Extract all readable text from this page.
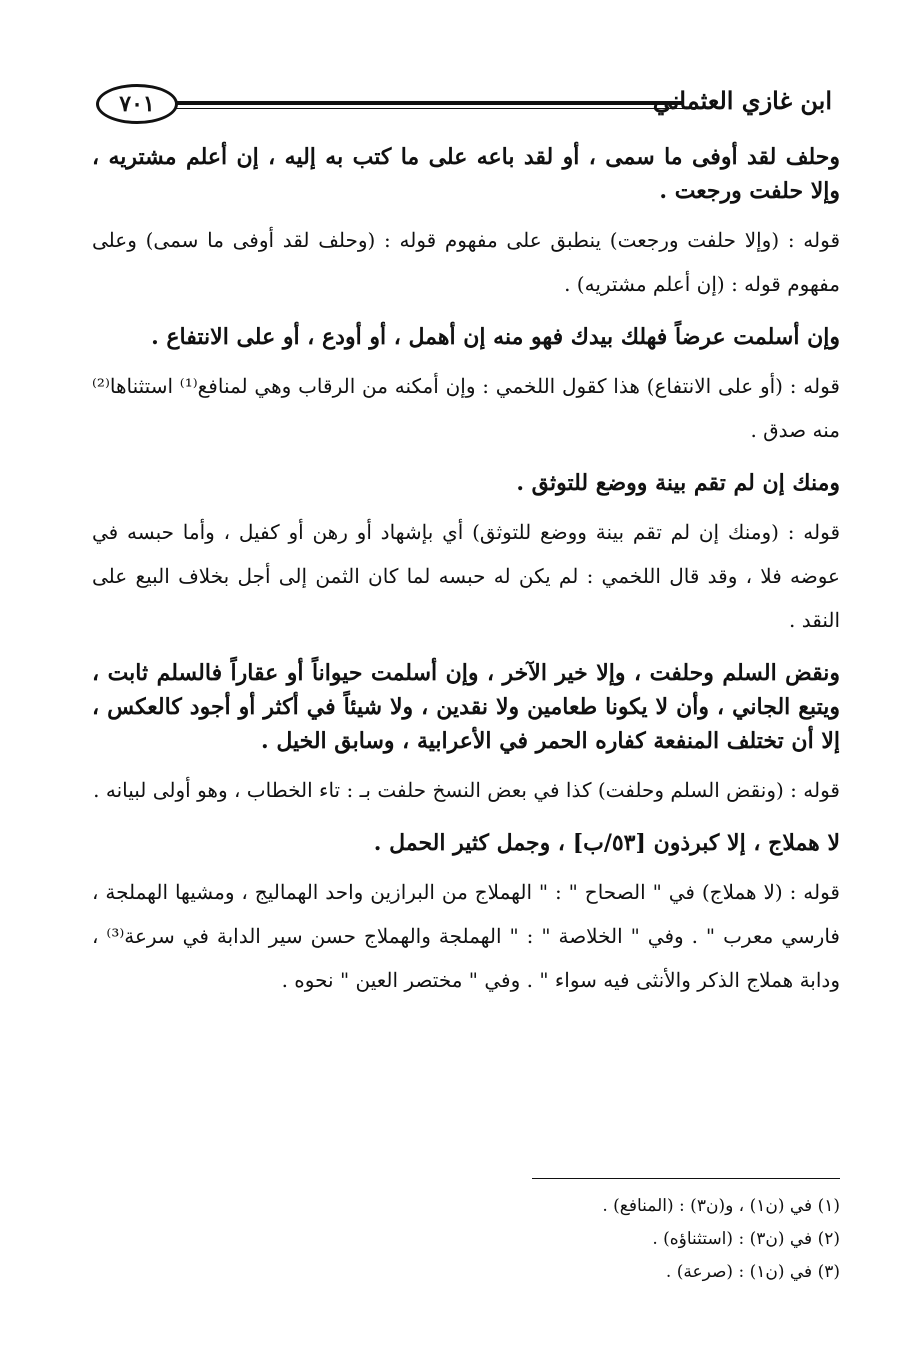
٧٠١	ابن غازي العثماني

وحلف لقد أوفى ما سمى ، أو لقد باعه على ما كتب به إليه ، إن أعلم مشتريه ، وإلا حلفت ورجعت .

قوله : (وإلا حلفت ورجعت) ينطبق على مفهوم قوله : (وحلف لقد أوفى ما سمى) وعلى مفهوم قوله : (إن أعلم مشتريه) .

وإن أسلمت عرضاً فهلك بيدك فهو منه إن أهمل ، أو أودع ، أو على الانتفاع .

قوله : (أو على الانتفاع) هذا كقول اللخمي : وإن أمكنه من الرقاب وهي لمنافع⁽¹⁾ استثناها⁽²⁾ منه صدق .

ومنك إن لم تقم بينة ووضع للتوثق .

قوله : (ومنك إن لم تقم بينة ووضع للتوثق) أي بإشهاد أو رهن أو كفيل ، وأما حبسه في عوضه فلا ، وقد قال اللخمي : لم يكن له حبسه لما كان الثمن إلى أجل بخلاف البيع على النقد .

ونقض السلم وحلفت ، وإلا خير الآخر ، وإن أسلمت حيواناً أو عقاراً فالسلم ثابت ، ويتبع الجاني ، وأن لا يكونا طعامين ولا نقدين ، ولا شيئاً في أكثر أو أجود كالعكس ، إلا أن تختلف المنفعة كفاره الحمر في الأعرابية ، وسابق الخيل .

قوله : (ونقض السلم وحلفت) كذا في بعض النسخ حلفت بـ : تاء الخطاب ، وهو أولى لبيانه .

لا هملاج ، إلا كبرذون [٥٣/ب] ، وجمل كثير الحمل .

قوله : (لا هملاج) في " الصحاح " : " الهملاج من البرازين واحد الهماليج ، ومشيها الهملجة ، فارسي معرب " . وفي " الخلاصة " : " الهملجة والهملاج حسن سير الدابة في سرعة⁽³⁾ ، ودابة هملاج الذكر والأنثى فيه سواء " . وفي " مختصر العين " نحوه .

(١) في (ن١) ، و(ن٣) : (المنافع) .
(٢) في (ن٣) : (استثناؤه) .
(٣) في (ن١) : (صرعة) .
